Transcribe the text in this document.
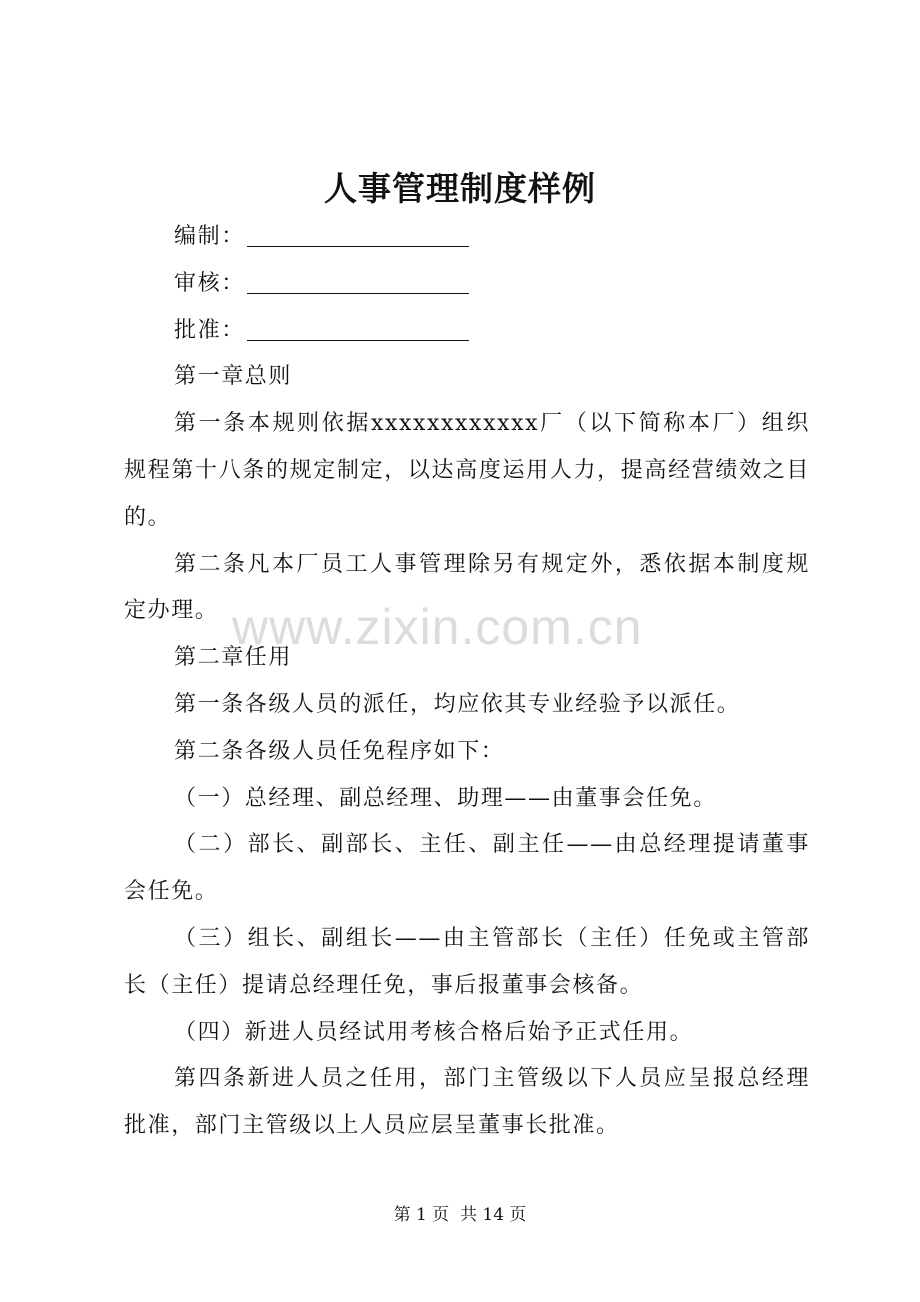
www.zixin.com.cn
人事管理制度样例

编制：

审核：

批准：

第一章总则

第一条本规则依据xxxxxxxxxxxx厂（以下简称本厂）组织规程第十八条的规定制定，以达高度运用人力，提高经营绩效之目的。

第二条凡本厂员工人事管理除另有规定外，悉依据本制度规定办理。

第二章任用

第一条各级人员的派任，均应依其专业经验予以派任。

第二条各级人员任免程序如下：

（一）总经理、副总经理、助理——由董事会任免。

（二）部长、副部长、主任、副主任——由总经理提请董事会任免。

（三）组长、副组长——由主管部长（主任）任免或主管部长（主任）提请总经理任免，事后报董事会核备。

（四）新进人员经试用考核合格后始予正式任用。

第四条新进人员之任用，部门主管级以下人员应呈报总经理批准，部门主管级以上人员应层呈董事长批准。

第 1 页  共 14 页
